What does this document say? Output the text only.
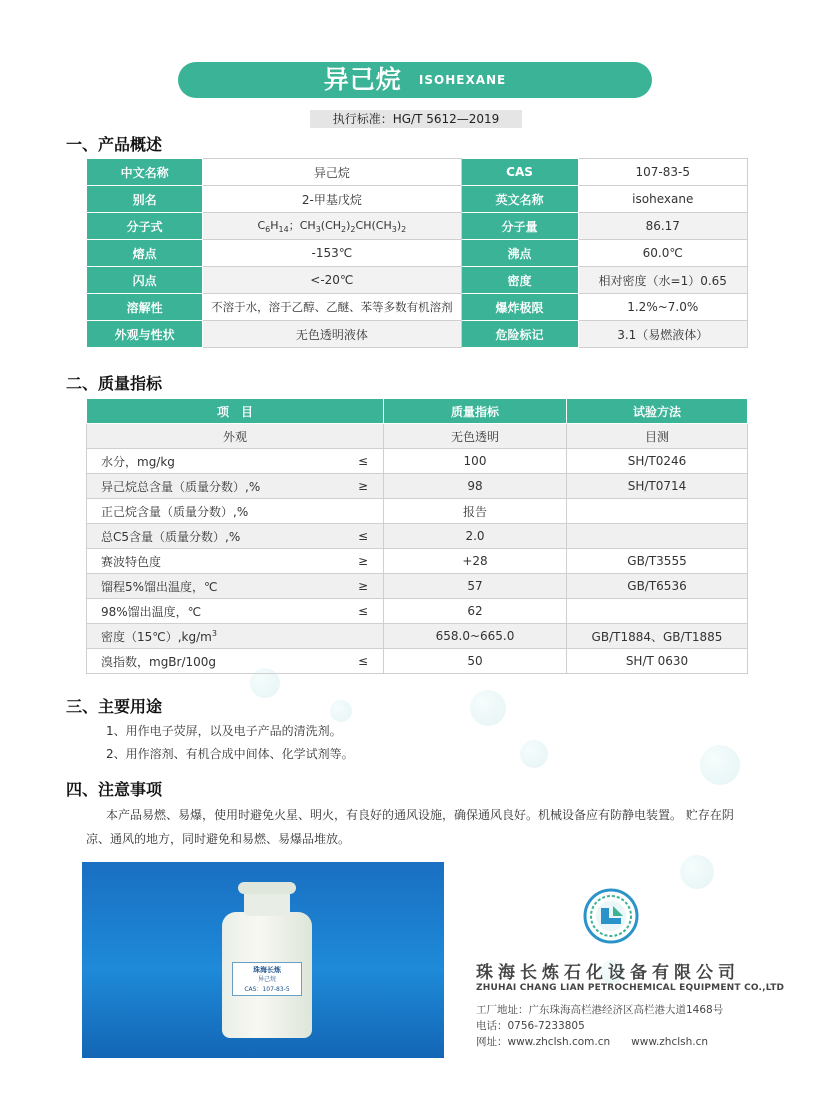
异己烷 ISOHEXANE
执行标准：HG/T 5612—2019
一、产品概述
中文名称	异己烷	CAS	107-83-5
别名	2-甲基戊烷	英文名称	isohexane
分子式	$C_6H_{14}$；$CH_3(CH_2)_2CH(CH_3)_2$	分子量	86.17
熔点	-153℃	沸点	60.0℃
闪点	<-20℃	密度	相对密度（水=1）0.65
溶解性	不溶于水，溶于乙醇、乙醚、苯等多数有机溶剂	爆炸极限	1.2%~7.0%
外观与性状	无色透明液体	危险标记	3.1（易燃液体）
二、质量指标
项　目		质量指标	试验方法
外观		无色透明	目测
水分，mg/kg	≤	100	SH/T0246
异己烷总含量（质量分数）,%	≥	98	SH/T0714
正己烷含量（质量分数）,%		报告	
总C5含量（质量分数）,%	≤	2.0	
赛波特色度	≥	+28	GB/T3555
馏程5%馏出温度，℃	≥	57	GB/T6536
98%馏出温度，℃	≤	62	
密度$(15℃),kg/m^3$		658.0~665.0	GB/T1884、GB/T1885
溴指数，mgBr/100g	≤	50	SH/T 0630
三、主要用途
1、用作电子荧屏，以及电子产品的清洗剂。
2、用作溶剂、有机合成中间体、化学试剂等。
四、注意事项
本产品易燃、易爆，使用时避免火星、明火，有良好的通风设施，确保通风良好。机械设备应有防静电装置。 贮存在阴凉、通风的地方，同时避免和易燃、易爆品堆放。
珠海长炼
异己烷
CAS：107-83-5
珠海长炼石化设备有限公司
ZHUHAI CHANG LIAN PETROCHEMICAL EQUIPMENT CO.,LTD
工厂地址：广东珠海高栏港经济区高栏港大道1468号
电话：0756-7233805
网址：www.zhclsh.com.cn　　www.zhclsh.cn
